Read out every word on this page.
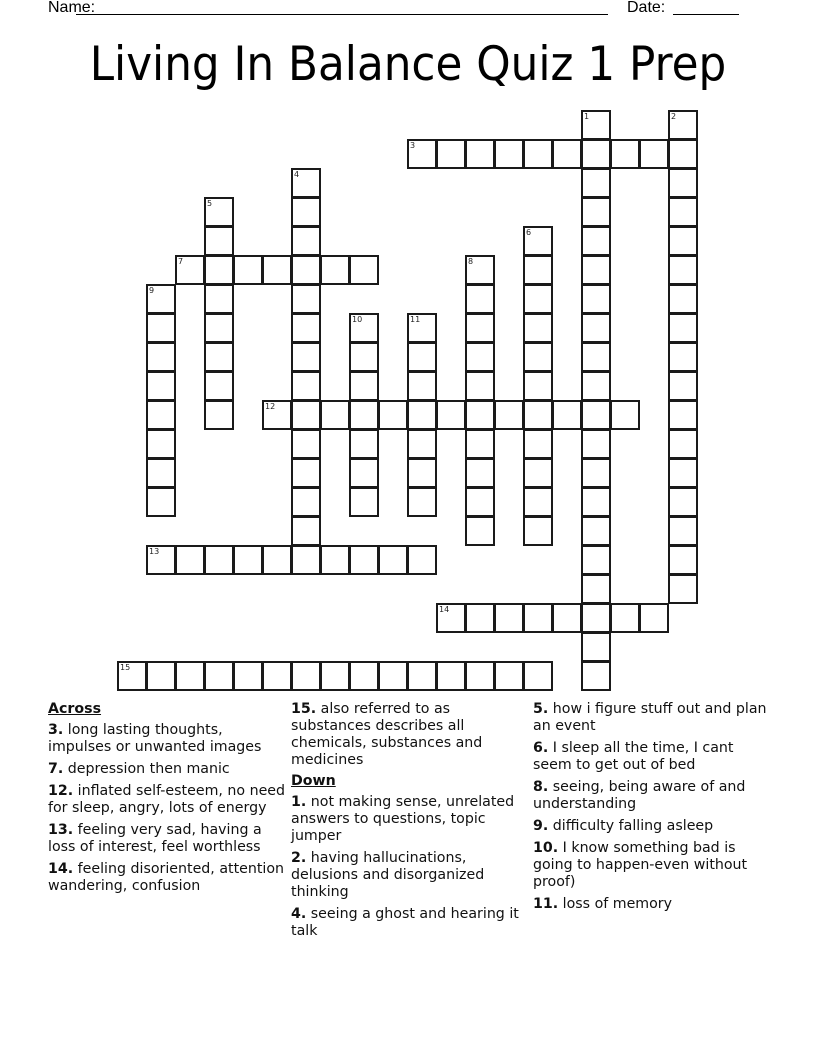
Name:	Date:
Living In Balance Quiz 1 Prep
1	2
3
4
5
6
7	8
9
10	11
12
13
14
15
Across
3. long lasting thoughts, impulses or unwanted images
7. depression then manic
12. inflated self-esteem, no need for sleep, angry, lots of energy
13. feeling very sad, having a loss of interest, feel worthless
14. feeling disoriented, attention wandering, confusion
15. also referred to as substances describes all chemicals, substances and medicines
Down
1. not making sense, unrelated answers to questions, topic jumper
2. having hallucinations, delusions and disorganized thinking
4. seeing a ghost and hearing it talk
5. how i figure stuff out and plan an event
6. I sleep all the time, I cant seem to get out of bed
8. seeing, being aware of and understanding
9. difficulty falling asleep
10. I know something bad is going to happen-even without proof)
11. loss of memory
